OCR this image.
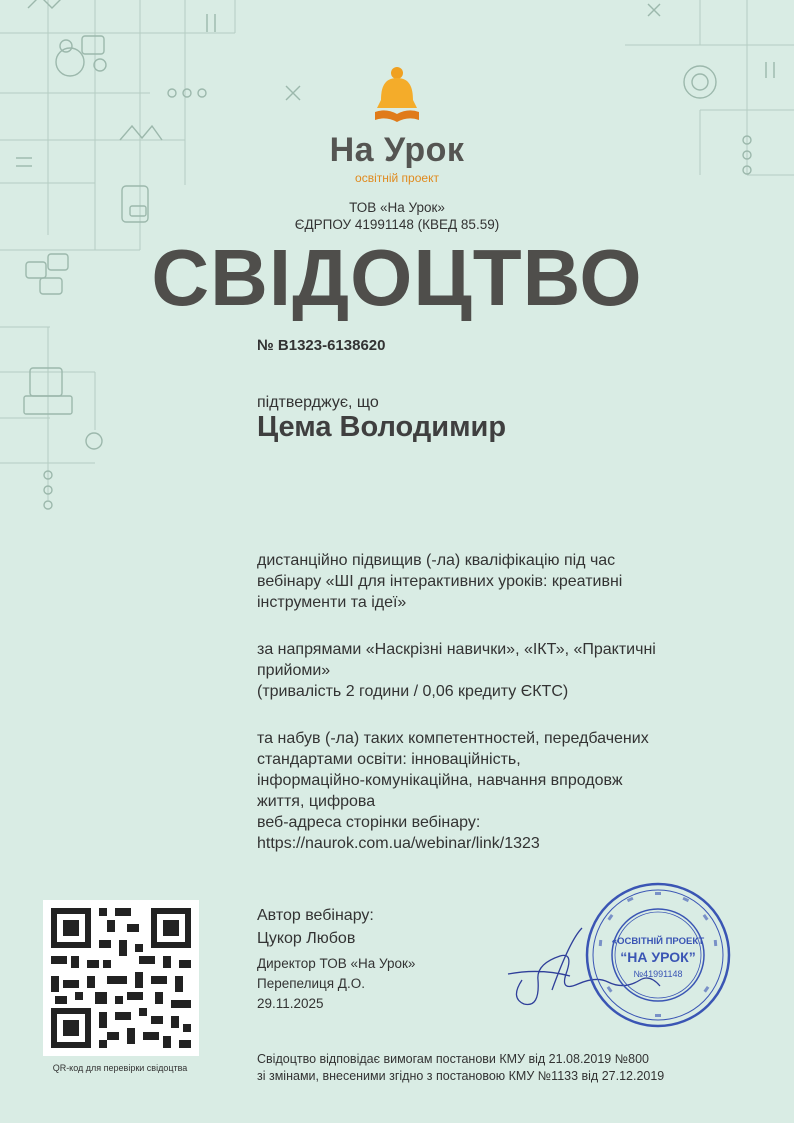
На Урок
освітній проект
ТОВ «На Урок»
ЄДРПОУ 41991148 (КВЕД 85.59)
СВІДОЦТВО
№ В1323-6138620
підтверджує, що
Цема Володимир
дистанційно підвищив (-ла) кваліфікацію під час
вебінару «ШІ для інтерактивних уроків: креативні
інструменти та ідеї»
за напрямами «Наскрізні навички», «ІКТ», «Практичні
прийоми»
(тривалість 2 години / 0,06 кредиту ЄКТС)
та набув (-ла) таких компетентностей, передбачених
стандартами освіти: інноваційність,
інформаційно-комунікаційна, навчання впродовж
життя, цифрова
веб-адреса сторінки вебінару:
https://naurok.com.ua/webinar/link/1323
Автор вебінару:
Цукор Любов
Директор ТОВ «На Урок»
Перепелиця Д.О.
29.11.2025
QR-код для перевірки свідоцтва
Свідоцтво відповідає вимогам постанови КМУ від 21.08.2019 №800
зі змінами, внесеними згідно з постановою КМУ №1133 від 27.12.2019
«ОСВІТНІЙ ПРОЕКТ
“НА УРОК”
№41991148
